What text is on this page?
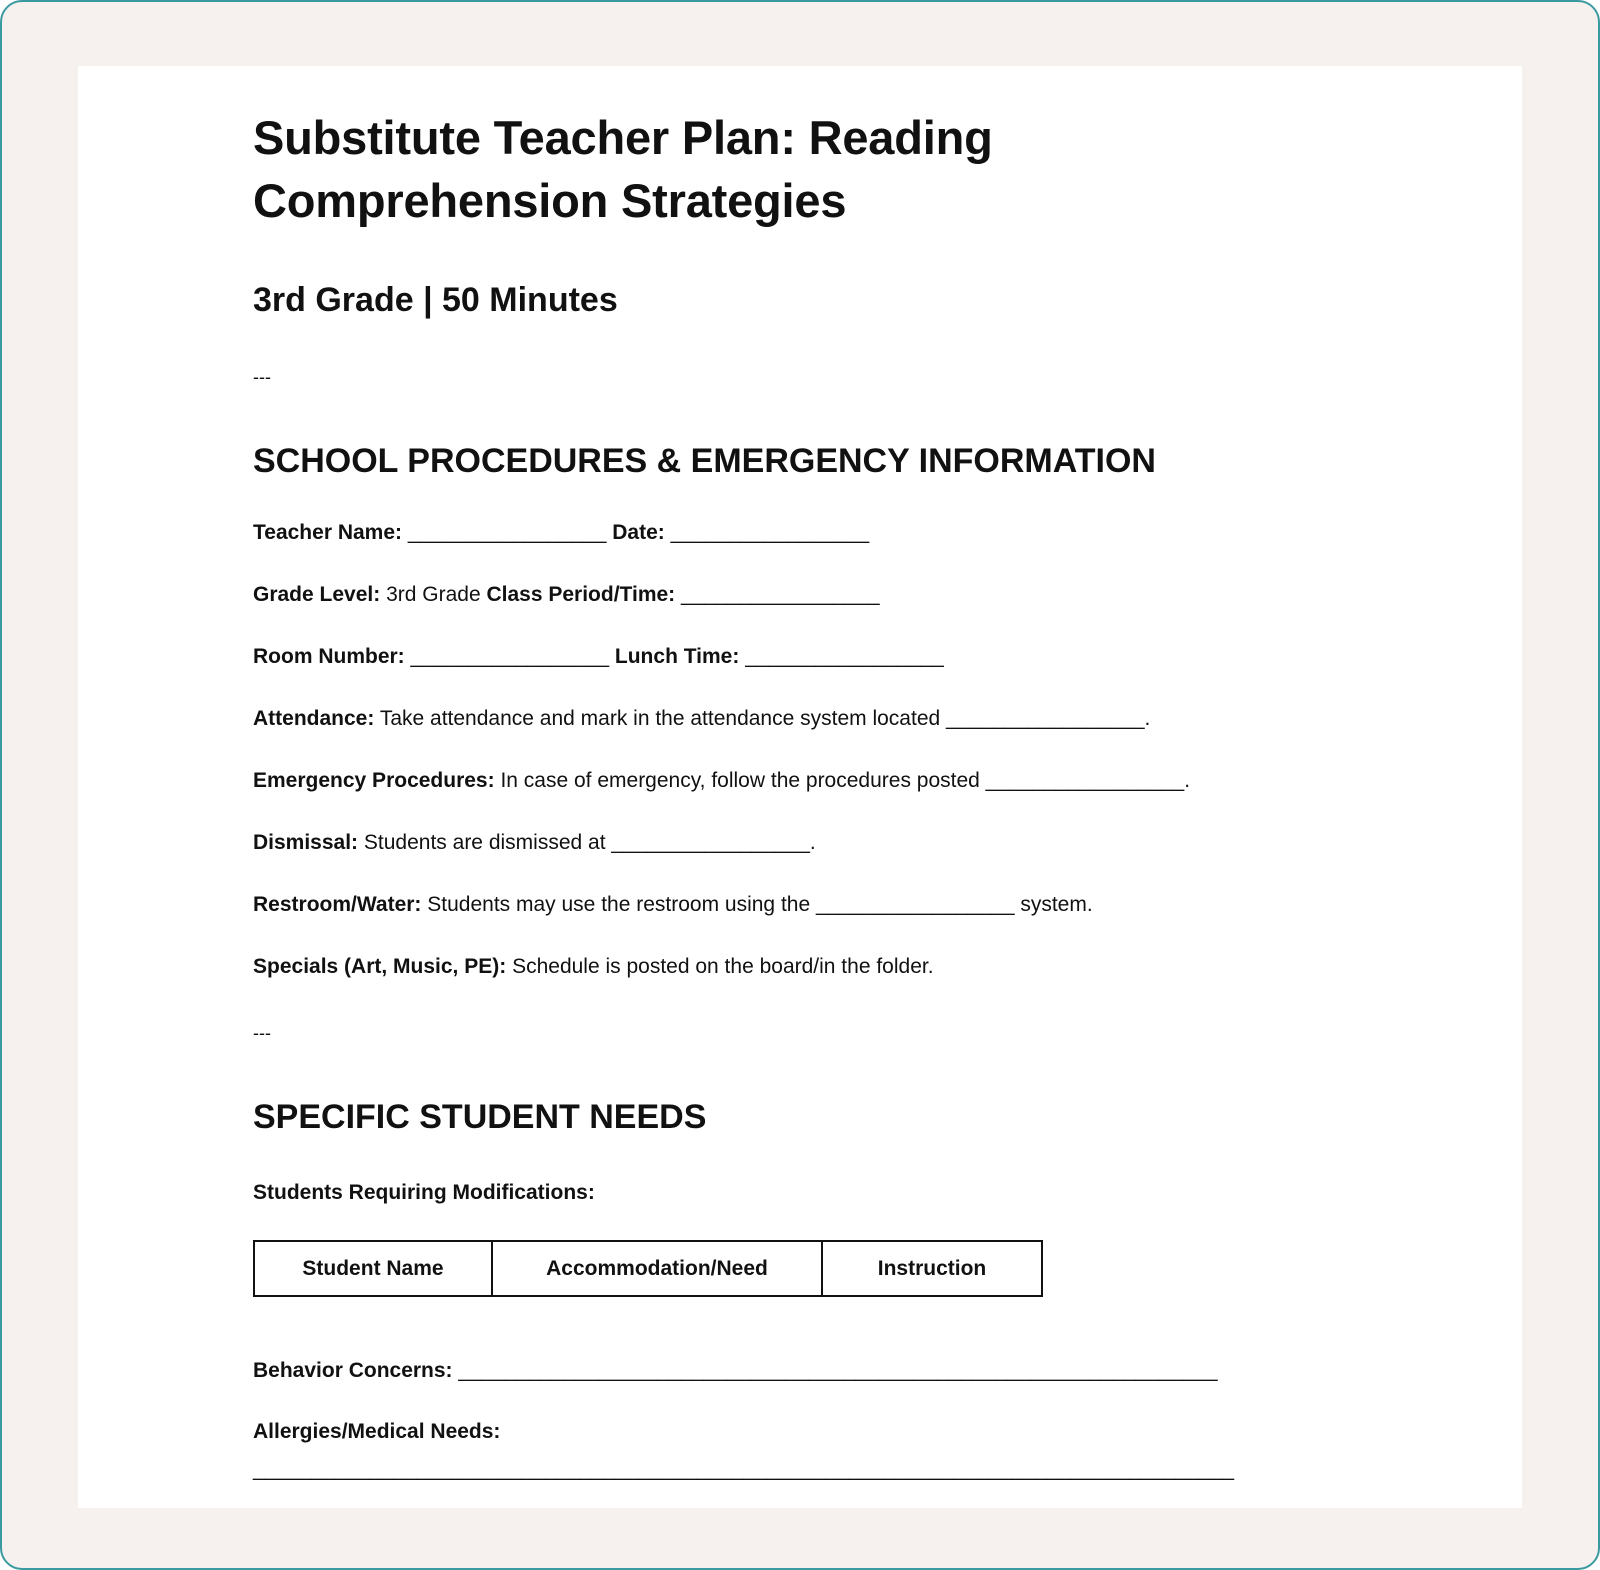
Substitute Teacher Plan: Reading Comprehension Strategies
3rd Grade | 50 Minutes
---
SCHOOL PROCEDURES & EMERGENCY INFORMATION

Teacher Name: _________________ Date: _________________

Grade Level: 3rd Grade Class Period/Time: _________________

Room Number: _________________ Lunch Time: _________________

Attendance: Take attendance and mark in the attendance system located _________________.

Emergency Procedures: In case of emergency, follow the procedures posted _________________.

Dismissal: Students are dismissed at _________________.

Restroom/Water: Students may use the restroom using the _________________ system.

Specials (Art, Music, PE): Schedule is posted on the board/in the folder.

---
SPECIFIC STUDENT NEEDS
Students Requiring Modifications:
Student Name	Accommodation/Need	Instruction

Behavior Concerns: _________________________________________________________________

Allergies/Medical Needs:
____________________________________________________________________________________
